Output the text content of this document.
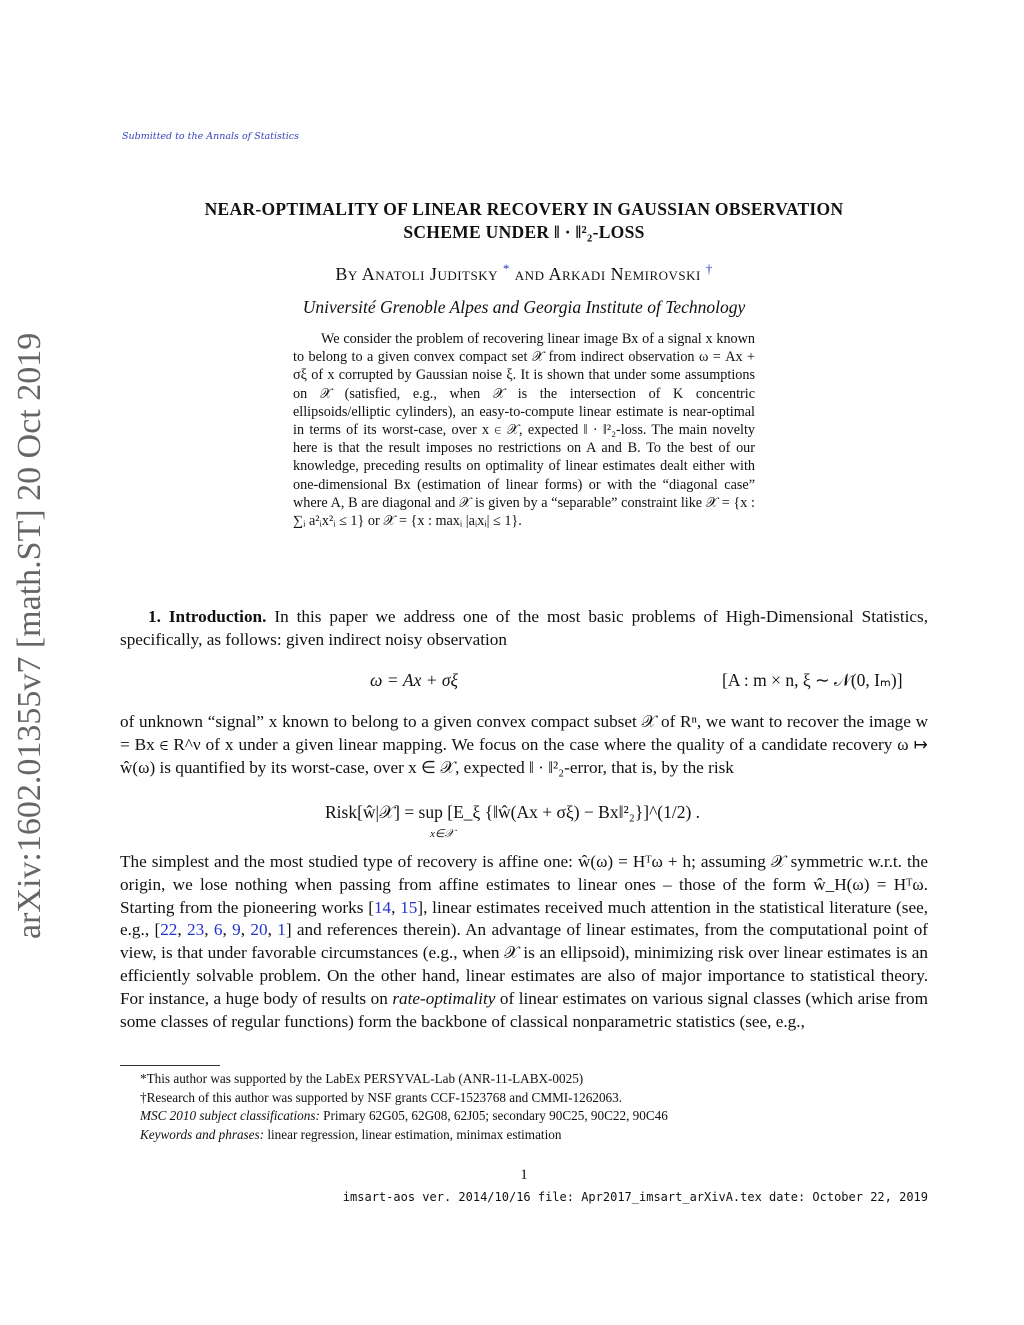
Submitted to the Annals of Statistics
arXiv:1602.01355v7 [math.ST] 20 Oct 2019
NEAR-OPTIMALITY OF LINEAR RECOVERY IN GAUSSIAN OBSERVATION
SCHEME UNDER ‖ · ‖²₂-LOSS
By Anatoli Juditsky * and Arkadi Nemirovski †
Université Grenoble Alpes and Georgia Institute of Technology

We consider the problem of recovering linear image Bx of a signal x known to belong to a given convex compact set 𝒳 from indirect observation ω = Ax + σξ of x corrupted by Gaussian noise ξ. It is shown that under some assumptions on 𝒳 (satisfied, e.g., when 𝒳 is the intersection of K concentric ellipsoids/elliptic cylinders), an easy-to-compute linear estimate is near-optimal in terms of its worst-case, over x ∈ 𝒳, expected ‖ · ‖²₂-loss. The main novelty here is that the result imposes no restrictions on A and B. To the best of our knowledge, preceding results on optimality of linear estimates dealt either with one-dimensional Bx (estimation of linear forms) or with the “diagonal case” where A, B are diagonal and 𝒳 is given by a “separable” constraint like 𝒳 = {x : ∑ᵢ a²ᵢx²ᵢ ≤ 1} or 𝒳 = {x : maxᵢ |aᵢxᵢ| ≤ 1}.

1. Introduction. In this paper we address one of the most basic problems of High-Dimensional Statistics, specifically, as follows: given indirect noisy observation

ω = Ax + σξ	[A : m × n, ξ ∼ 𝒩(0, Iₘ)]

of unknown “signal” x known to belong to a given convex compact subset 𝒳 of Rⁿ, we want to recover the image w = Bx ∈ R^ν of x under a given linear mapping. We focus on the case where the quality of a candidate recovery ω ↦ ŵ(ω) is quantified by its worst-case, over x ∈ 𝒳, expected ‖ · ‖²₂-error, that is, by the risk

Risk[ŵ|𝒳] = sup [E_ξ {‖ŵ(Ax + σξ) − Bx‖²₂}]^(1/2) .
x∈𝒳

The simplest and the most studied type of recovery is affine one: ŵ(ω) = Hᵀω + h; assuming 𝒳 symmetric w.r.t. the origin, we lose nothing when passing from affine estimates to linear ones – those of the form ŵ_H(ω) = Hᵀω. Starting from the pioneering works [14, 15], linear estimates received much attention in the statistical literature (see, e.g., [22, 23, 6, 9, 20, 1] and references therein). An advantage of linear estimates, from the computational point of view, is that under favorable circumstances (e.g., when 𝒳 is an ellipsoid), minimizing risk over linear estimates is an efficiently solvable problem. On the other hand, linear estimates are also of major importance to statistical theory. For instance, a huge body of results on rate-optimality of linear estimates on various signal classes (which arise from some classes of regular functions) form the backbone of classical nonparametric statistics (see, e.g.,

*This author was supported by the LabEx PERSYVAL-Lab (ANR-11-LABX-0025)
†Research of this author was supported by NSF grants CCF-1523768 and CMMI-1262063.
MSC 2010 subject classifications: Primary 62G05, 62G08, 62J05; secondary 90C25, 90C22, 90C46
Keywords and phrases: linear regression, linear estimation, minimax estimation
1
imsart-aos ver. 2014/10/16 file: Apr2017_imsart_arXivA.tex date: October 22, 2019
